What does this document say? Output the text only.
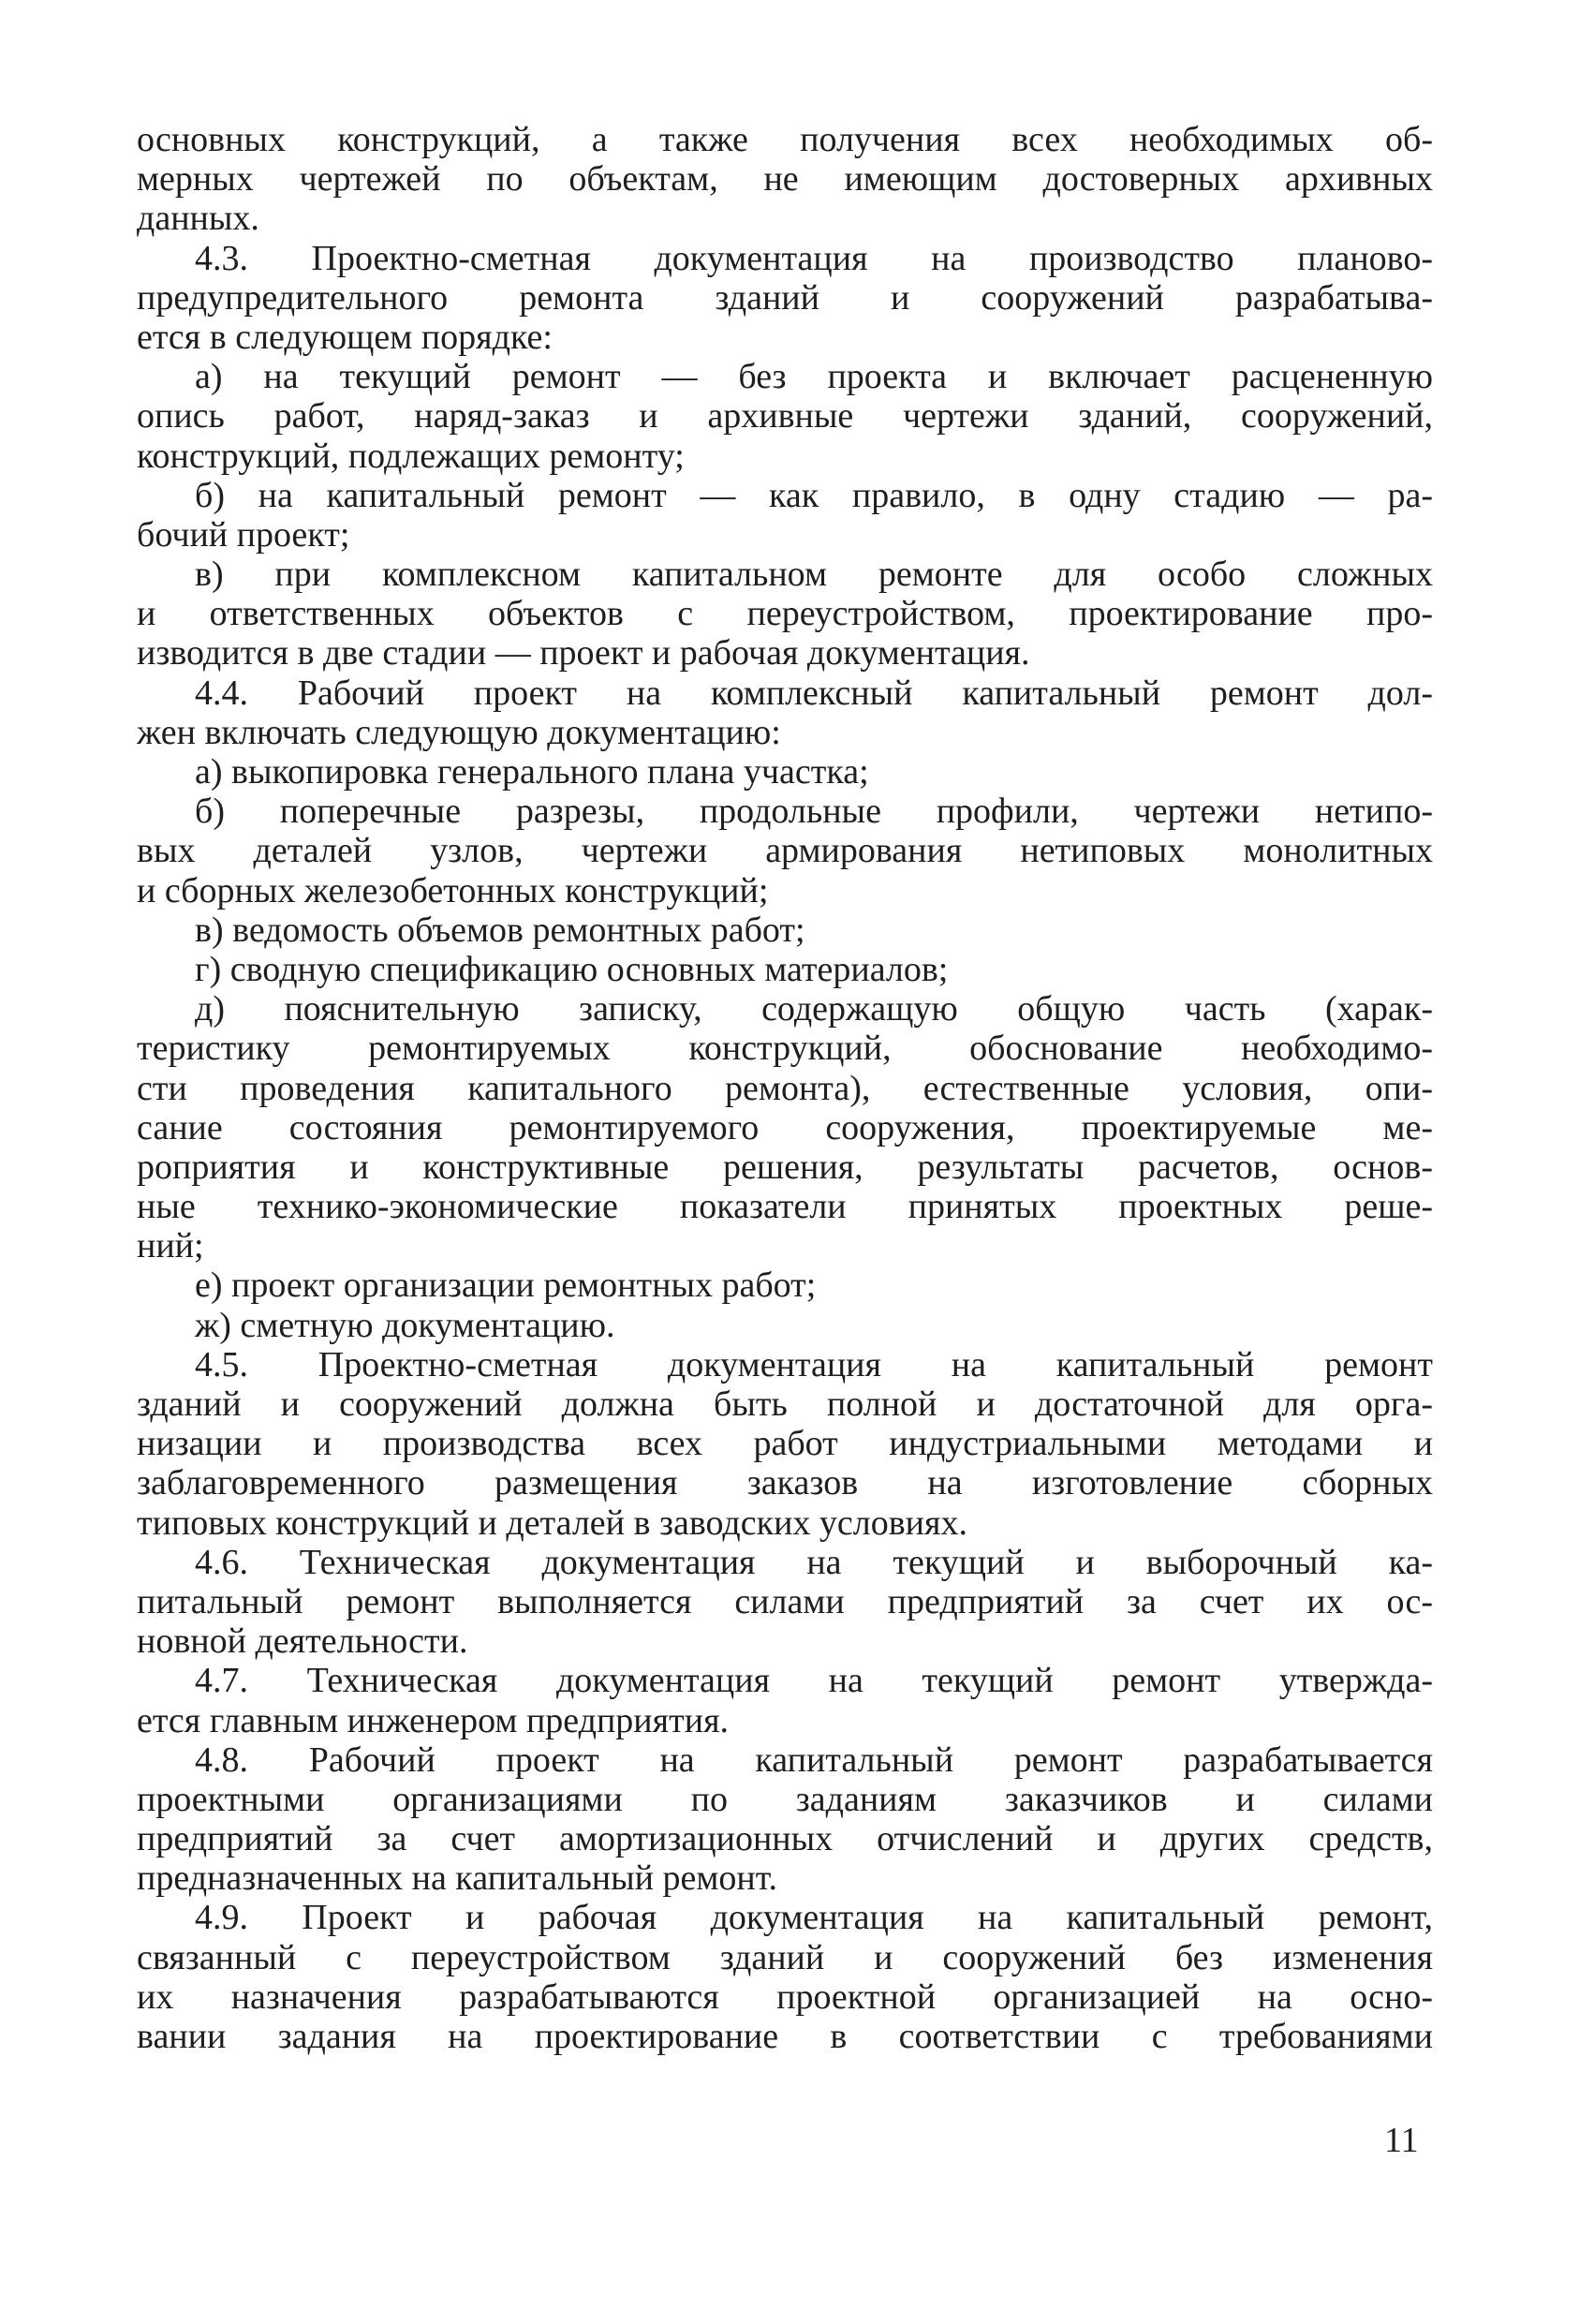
основных конструкций, а также получения всех необходимых об-
мерных чертежей по объектам, не имеющим достоверных архивных
данных.
4.3. Проектно-сметная документация на производство планово-
предупредительного ремонта зданий и сооружений разрабатыва-
ется в следующем порядке:
а) на текущий ремонт — без проекта и включает расцененную
опись работ, наряд-заказ и архивные чертежи зданий, сооружений,
конструкций, подлежащих ремонту;
б) на капитальный ремонт — как правило, в одну стадию — ра-
бочий проект;
в) при комплексном капитальном ремонте для особо сложных
и ответственных объектов с переустройством, проектирование про-
изводится в две стадии — проект и рабочая документация.
4.4. Рабочий проект на комплексный капитальный ремонт дол-
жен включать следующую документацию:
а) выкопировка генерального плана участка;
б) поперечные разрезы, продольные профили, чертежи нетипо-
вых деталей узлов, чертежи армирования нетиповых монолитных
и сборных железобетонных конструкций;
в) ведомость объемов ремонтных работ;
г) сводную спецификацию основных материалов;
д) пояснительную записку, содержащую общую часть (харак-
теристику ремонтируемых конструкций, обоснование необходимо-
сти проведения капитального ремонта), естественные условия, опи-
сание состояния ремонтируемого сооружения, проектируемые ме-
роприятия и конструктивные решения, результаты расчетов, основ-
ные технико-экономические показатели принятых проектных реше-
ний;
е) проект организации ремонтных работ;
ж) сметную документацию.
4.5. Проектно-сметная документация на капитальный ремонт
зданий и сооружений должна быть полной и достаточной для орга-
низации и производства всех работ индустриальными методами и
заблаговременного размещения заказов на изготовление сборных
типовых конструкций и деталей в заводских условиях.
4.6. Техническая документация на текущий и выборочный ка-
питальный ремонт выполняется силами предприятий за счет их ос-
новной деятельности.
4.7. Техническая документация на текущий ремонт утвержда-
ется главным инженером предприятия.
4.8. Рабочий проект на капитальный ремонт разрабатывается
проектными организациями по заданиям заказчиков и силами
предприятий за счет амортизационных отчислений и других средств,
предназначенных на капитальный ремонт.
4.9. Проект и рабочая документация на капитальный ремонт,
связанный с переустройством зданий и сооружений без изменения
их назначения разрабатываются проектной организацией на осно-
вании задания на проектирование в соответствии с требованиями
11
